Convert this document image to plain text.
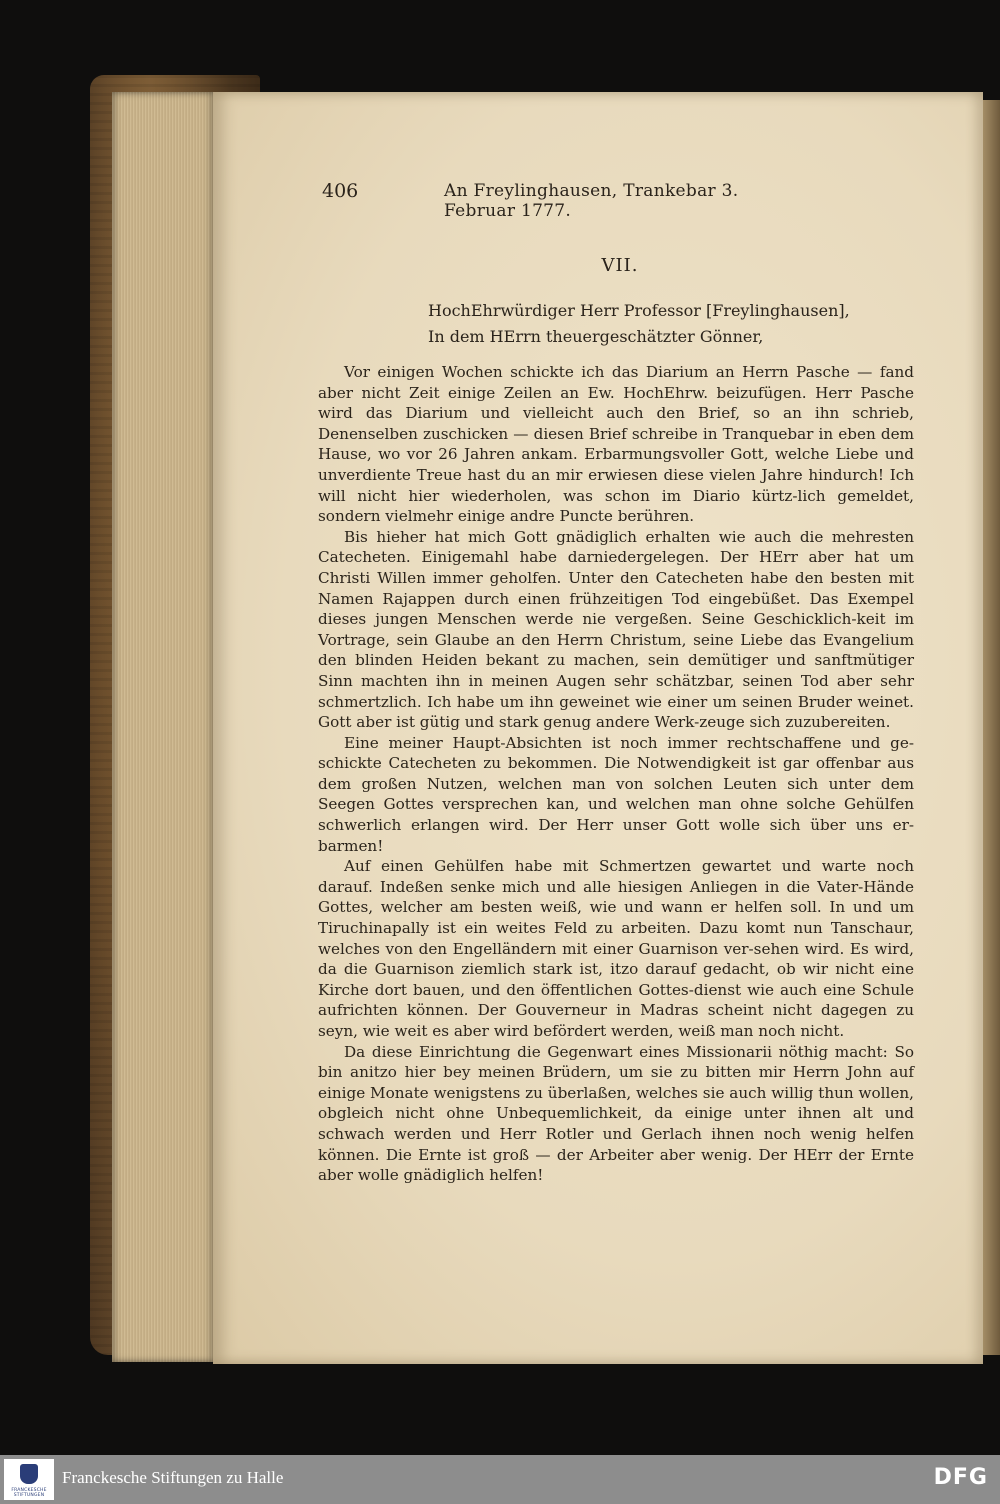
406	An Freylinghausen, Trankebar 3. Februar 1777.
VII.
HochEhrwürdiger Herr Professor [Freylinghausen],
In dem HErrn theuergeschätzter Gönner,

Vor einigen Wochen schickte ich das Diarium an Herrn Pasche — fand aber nicht Zeit einige Zeilen an Ew. HochEhrw. beizufügen. Herr Pasche wird das Diarium und vielleicht auch den Brief, so an ihn schrieb, Denenselben zuschicken — diesen Brief schreibe in Tranquebar in eben dem Hause, wo vor 26 Jahren ankam. Erbarmungsvoller Gott, welche Liebe und unverdiente Treue hast du an mir erwiesen diese vielen Jahre hindurch! Ich will nicht hier wiederholen, was schon im Diario kürtz-lich gemeldet, sondern vielmehr einige andre Puncte berühren.

Bis hieher hat mich Gott gnädiglich erhalten wie auch die mehresten Catecheten. Einigemahl habe darniedergelegen. Der HErr aber hat um Christi Willen immer geholfen. Unter den Catecheten habe den besten mit Namen Rajappen durch einen frühzeitigen Tod eingebüßet. Das Exempel dieses jungen Menschen werde nie vergeßen. Seine Geschicklich-keit im Vortrage, sein Glaube an den Herrn Christum, seine Liebe das Evangelium den blinden Heiden bekant zu machen, sein demütiger und sanftmütiger Sinn machten ihn in meinen Augen sehr schätzbar, seinen Tod aber sehr schmertzlich. Ich habe um ihn geweinet wie einer um seinen Bruder weinet. Gott aber ist gütig und stark genug andere Werk-zeuge sich zuzubereiten.

Eine meiner Haupt-Absichten ist noch immer rechtschaffene und ge-schickte Catecheten zu bekommen. Die Notwendigkeit ist gar offenbar aus dem großen Nutzen, welchen man von solchen Leuten sich unter dem Seegen Gottes versprechen kan, und welchen man ohne solche Gehülfen schwerlich erlangen wird. Der Herr unser Gott wolle sich über uns er-barmen!

Auf einen Gehülfen habe mit Schmertzen gewartet und warte noch darauf. Indeßen senke mich und alle hiesigen Anliegen in die Vater-Hände Gottes, welcher am besten weiß, wie und wann er helfen soll. In und um Tiruchinapally ist ein weites Feld zu arbeiten. Dazu komt nun Tanschaur, welches von den Engelländern mit einer Guarnison ver-sehen wird. Es wird, da die Guarnison ziemlich stark ist, itzo darauf gedacht, ob wir nicht eine Kirche dort bauen, und den öffentlichen Gottes-dienst wie auch eine Schule aufrichten können. Der Gouverneur in Madras scheint nicht dagegen zu seyn, wie weit es aber wird befördert werden, weiß man noch nicht.

Da diese Einrichtung die Gegenwart eines Missionarii nöthig macht: So bin anitzo hier bey meinen Brüdern, um sie zu bitten mir Herrn John auf einige Monate wenigstens zu überlaßen, welches sie auch willig thun wollen, obgleich nicht ohne Unbequemlichkeit, da einige unter ihnen alt und schwach werden und Herr Rotler und Gerlach ihnen noch wenig helfen können. Die Ernte ist groß — der Arbeiter aber wenig. Der HErr der Ernte aber wolle gnädiglich helfen!

FRANCKESCHE STIFTUNGEN
Franckesche Stiftungen zu Halle	DFG
